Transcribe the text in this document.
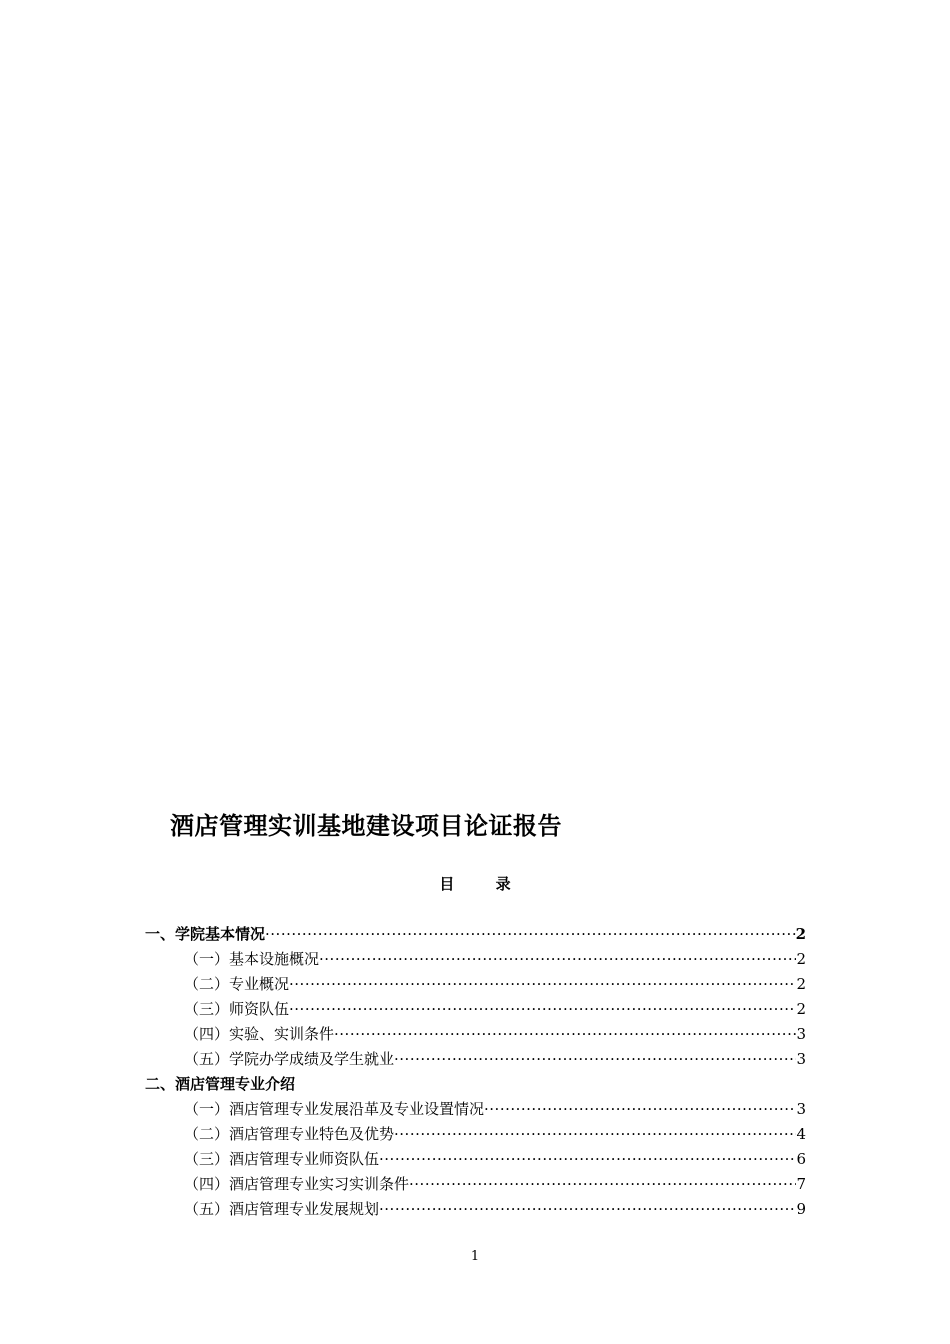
酒店管理实训基地建设项目论证报告
目 录
一、学院基本情况 ·····	2
（一）基本设施概况 ·····	2
（二）专业概况 ·····	2
（三）师资队伍 ·····	2
（四）实验、实训条件 ·····	3
（五）学院办学成绩及学生就业 ·····	3
二、酒店管理专业介绍
（一）酒店管理专业发展沿革及专业设置情况 ·····	3
（二）酒店管理专业特色及优势 ·····	4
（三）酒店管理专业师资队伍 ·····	6
（四）酒店管理专业实习实训条件 ·····	7
（五）酒店管理专业发展规划 ·····	9

1
